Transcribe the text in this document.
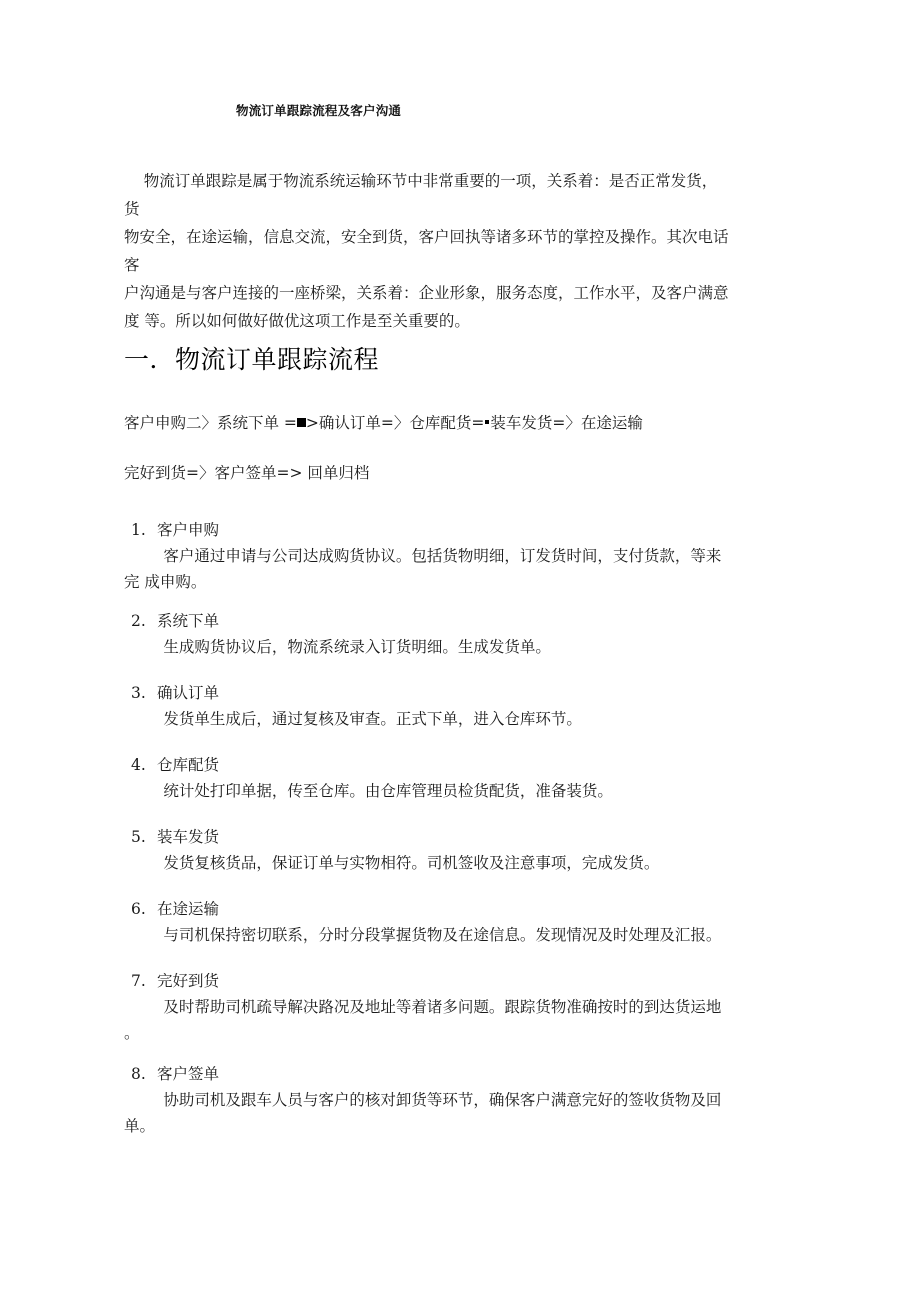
物流订单跟踪流程及客户沟通
物流订单跟踪是属于物流系统运输环节中非常重要的一项，关系着：是否正常发货，
货
物安全，在途运输，信息交流，安全到货，客户回执等诸多环节的掌控及操作。其次电话
客
户沟通是与客户连接的一座桥梁，关系着：企业形象，服务态度，工作水平，及客户满意
度 等。所以如何做好做优这项工作是至关重要的。
一．物流订单跟踪流程
客户申购二〉系统下单 = >确认订单=〉仓库配货= 装车发货=〉在途运输
完好到货=〉客户签单=> 回单归档
1. 客户申购
客户通过申请与公司达成购货协议。包括货物明细，订发货时间，支付货款，等来
完 成申购。
2. 系统下单
生成购货协议后，物流系统录入订货明细。生成发货单。
3. 确认订单
发货单生成后，通过复核及审查。正式下单，进入仓库环节。
4. 仓库配货
统计处打印单据，传至仓库。由仓库管理员检货配货，准备装货。
5. 装车发货
发货复核货品，保证订单与实物相符。司机签收及注意事项，完成发货。
6. 在途运输
与司机保持密切联系，分时分段掌握货物及在途信息。发现情况及时处理及汇报。
7. 完好到货
及时帮助司机疏导解决路况及地址等着诸多问题。跟踪货物准确按时的到达货运地
。
8. 客户签单
协助司机及跟车人员与客户的核对卸货等环节，确保客户满意完好的签收货物及回
单。
